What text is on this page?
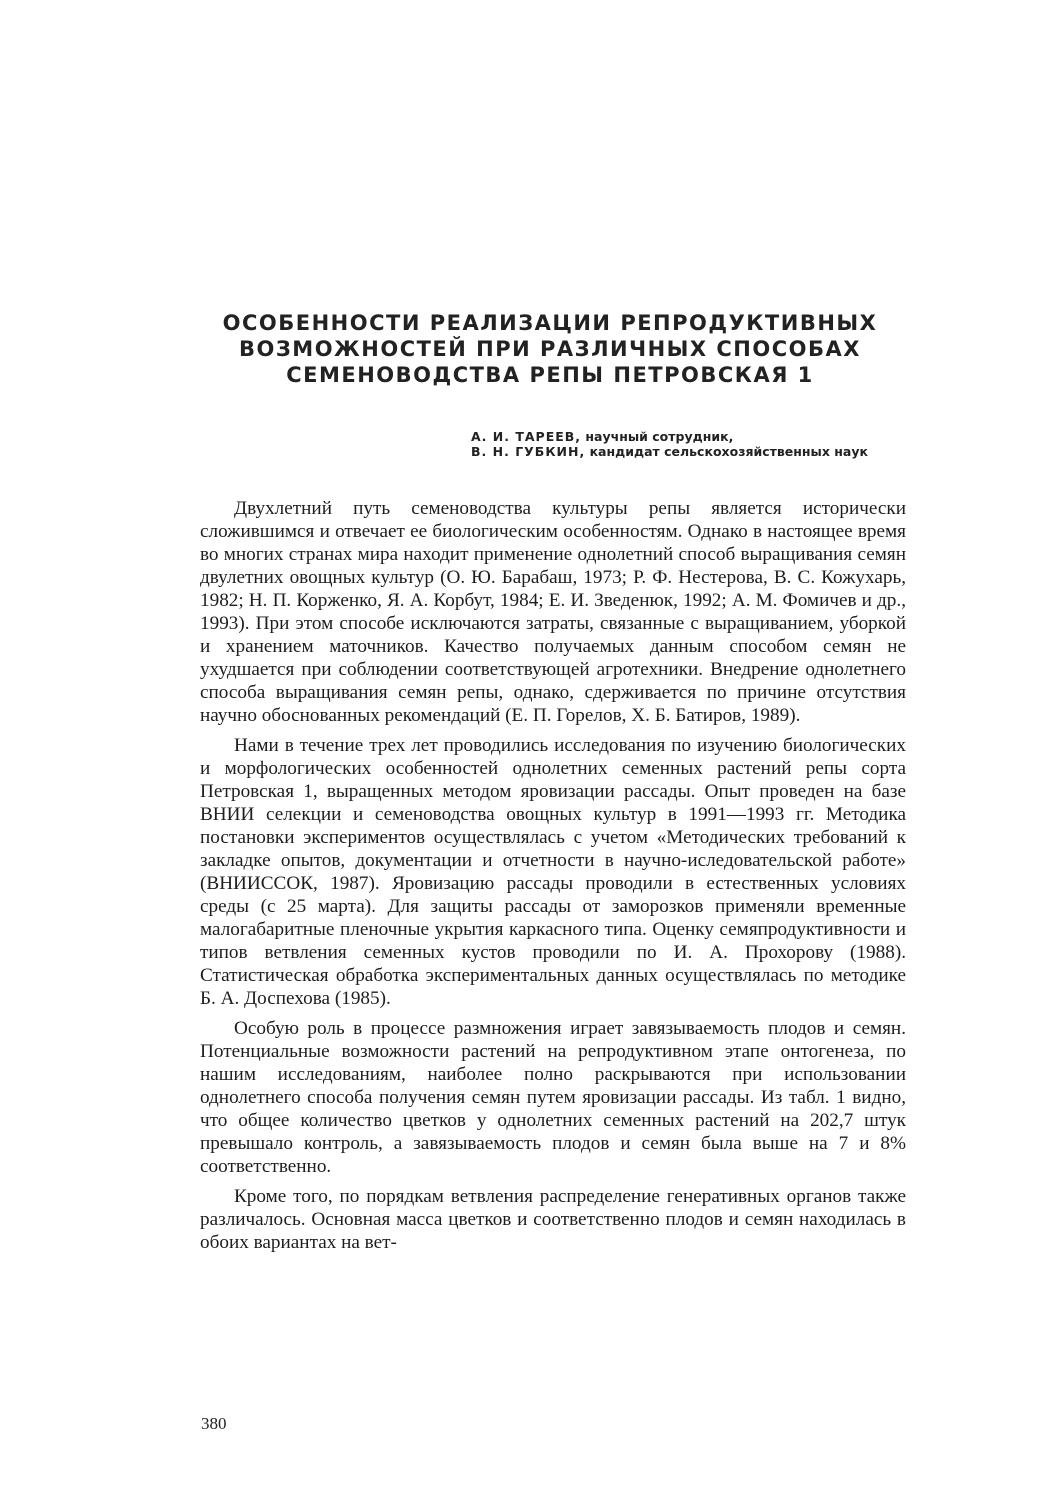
ОСОБЕННОСТИ РЕАЛИЗАЦИИ РЕПРОДУКТИВНЫХ
ВОЗМОЖНОСТЕЙ ПРИ РАЗЛИЧНЫХ СПОСОБАХ
СЕМЕНОВОДСТВА РЕПЫ ПЕТРОВСКАЯ 1
А. И. ТАРЕЕВ, научный сотрудник,
В. Н. ГУБКИН, кандидат сельскохозяйственных наук

Двухлетний путь семеноводства культуры репы является исторически сложившимся и отвечает ее биологическим особенностям. Однако в настоящее время во многих странах мира находит применение однолетний способ выращивания семян двулетних овощных культур (О. Ю. Барабаш, 1973; Р. Ф. Нестерова, В. С. Кожухарь, 1982; Н. П. Корженко, Я. А. Корбут, 1984; Е. И. Зведенюк, 1992; А. М. Фомичев и др., 1993). При этом способе исключаются затраты, связанные с выращиванием, уборкой и хранением маточников. Качество получаемых данным способом семян не ухудшается при соблюдении соответствующей агротехники. Внедрение однолетнего способа выращивания семян репы, однако, сдерживается по причине отсутствия научно обоснованных рекомендаций (Е. П. Горелов, Х. Б. Батиров, 1989).

Нами в течение трех лет проводились исследования по изучению биологических и морфологических особенностей однолетних семенных растений репы сорта Петровская 1, выращенных методом яровизации рассады. Опыт проведен на базе ВНИИ селекции и семеноводства овощных культур в 1991—1993 гг. Методика постановки экспериментов осуществлялась с учетом «Методических требований к закладке опытов, документации и отчетности в научно-иследовательской работе» (ВНИИССОК, 1987). Яровизацию рассады проводили в естественных условиях среды (с 25 марта). Для защиты рассады от заморозков применяли временные малогабаритные пленочные укрытия каркасного типа. Оценку семяпродуктивности и типов ветвления семенных кустов проводили по И. А. Прохорову (1988). Статистическая обработка экспериментальных данных осуществлялась по методике Б. А. Доспехова (1985).

Особую роль в процессе размножения играет завязываемость плодов и семян. Потенциальные возможности растений на репродуктивном этапе онтогенеза, по нашим исследованиям, наиболее полно раскрываются при использовании однолетнего способа получения семян путем яровизации рассады. Из табл. 1 видно, что общее количество цветков у однолетних семенных растений на 202,7 штук превышало контроль, а завязываемость плодов и семян была выше на 7 и 8% соответственно.

Кроме того, по порядкам ветвления распределение генеративных органов также различалось. Основная масса цветков и соответственно плодов и семян находилась в обоих вариантах на вет-

380
